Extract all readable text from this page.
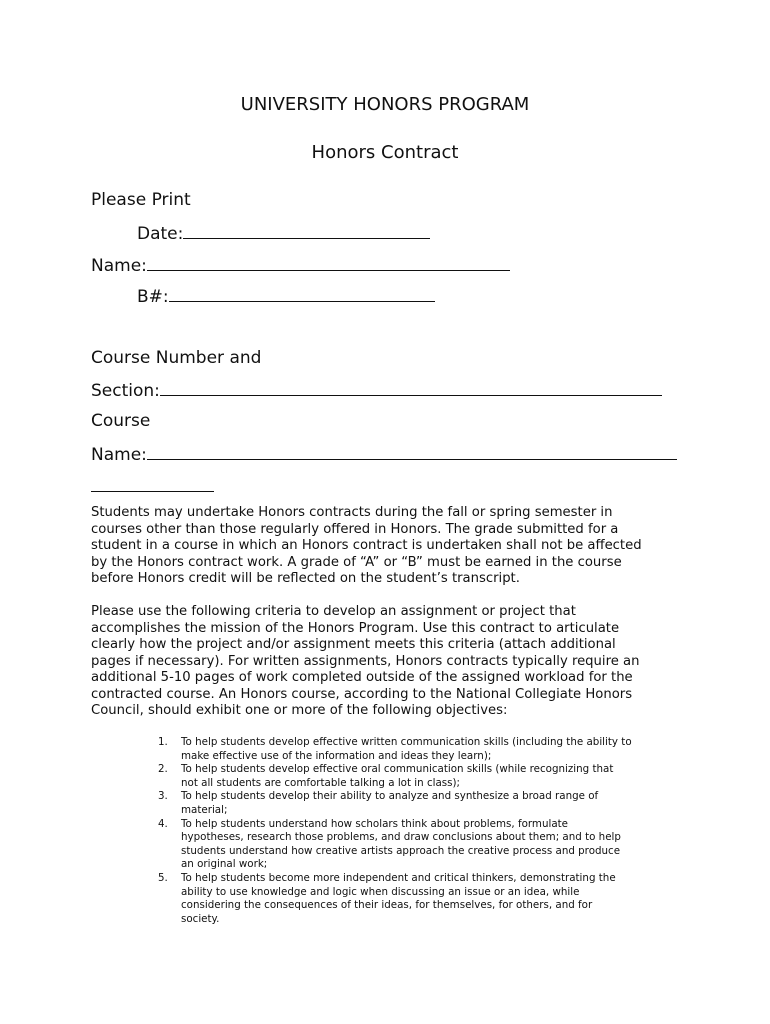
UNIVERSITY HONORS PROGRAM
Honors Contract
Please Print
Date:
Name:
B#:
Course Number and
Section:
Course
Name:

Students may undertake Honors contracts during the fall or spring semester in

courses other than those regularly offered in Honors. The grade submitted for a

student in a course in which an Honors contract is undertaken shall not be affected

by the Honors contract work. A grade of “A” or “B” must be earned in the course

before Honors credit will be reflected on the student’s transcript.

Please use the following criteria to develop an assignment or project that

accomplishes the mission of the Honors Program. Use this contract to articulate

clearly how the project and/or assignment meets this criteria (attach additional

pages if necessary). For written assignments, Honors contracts typically require an

additional 5-10 pages of work completed outside of the assigned workload for the

contracted course. An Honors course, according to the National Collegiate Honors

Council, should exhibit one or more of the following objectives:

1. To help students develop effective written communication skills (including the ability to
make effective use of the information and ideas they learn);
2. To help students develop effective oral communication skills (while recognizing that
not all students are comfortable talking a lot in class);
3. To help students develop their ability to analyze and synthesize a broad range of
material;
4. To help students understand how scholars think about problems, formulate
hypotheses, research those problems, and draw conclusions about them; and to help
students understand how creative artists approach the creative process and produce
an original work;
5. To help students become more independent and critical thinkers, demonstrating the
ability to use knowledge and logic when discussing an issue or an idea, while
considering the consequences of their ideas, for themselves, for others, and for
society.
